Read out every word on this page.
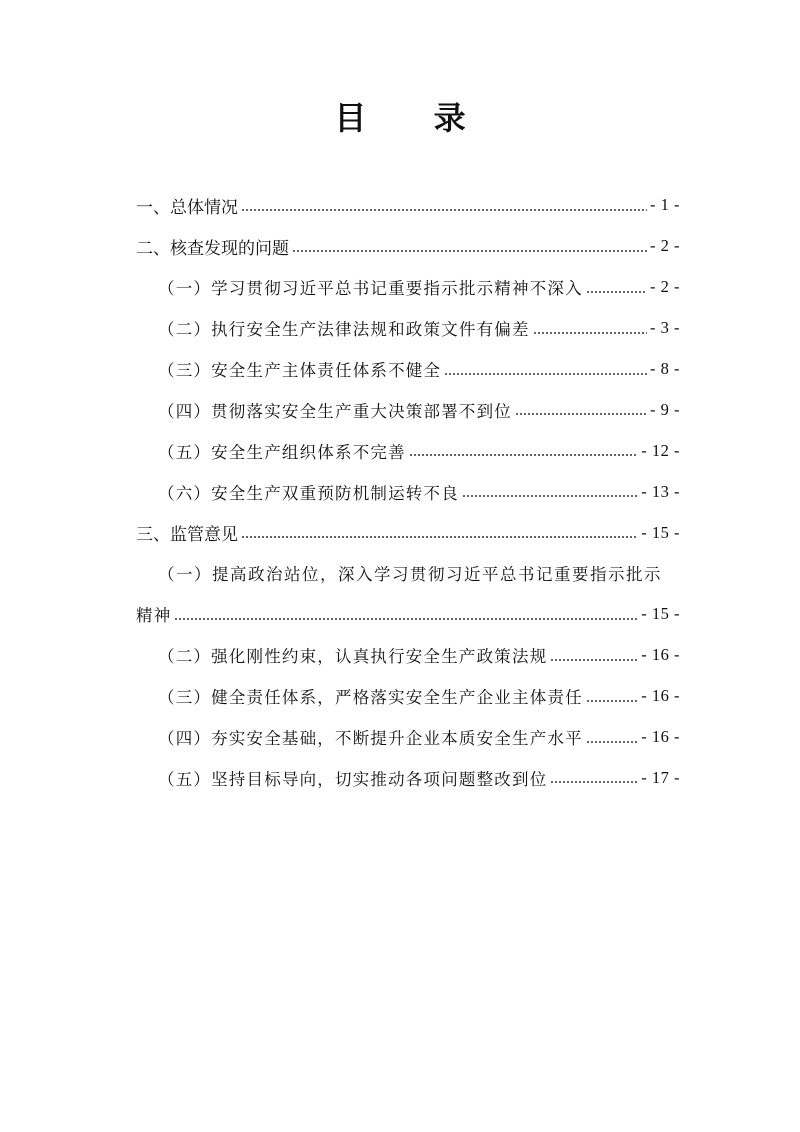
目 录
一、总体情况	- 1 -
二、核查发现的问题	- 2 -
（一）学习贯彻习近平总书记重要指示批示精神不深入	- 2 -
（二）执行安全生产法律法规和政策文件有偏差	- 3 -
（三）安全生产主体责任体系不健全	- 8 -
（四）贯彻落实安全生产重大决策部署不到位	- 9 -
（五）安全生产组织体系不完善	- 12 -
（六）安全生产双重预防机制运转不良	- 13 -
三、监管意见	- 15 -
（一）提高政治站位，深入学习贯彻习近平总书记重要指示批示
精神	- 15 -
（二）强化刚性约束，认真执行安全生产政策法规	- 16 -
（三）健全责任体系，严格落实安全生产企业主体责任	- 16 -
（四）夯实安全基础，不断提升企业本质安全生产水平	- 16 -
（五）坚持目标导向，切实推动各项问题整改到位	- 17 -
